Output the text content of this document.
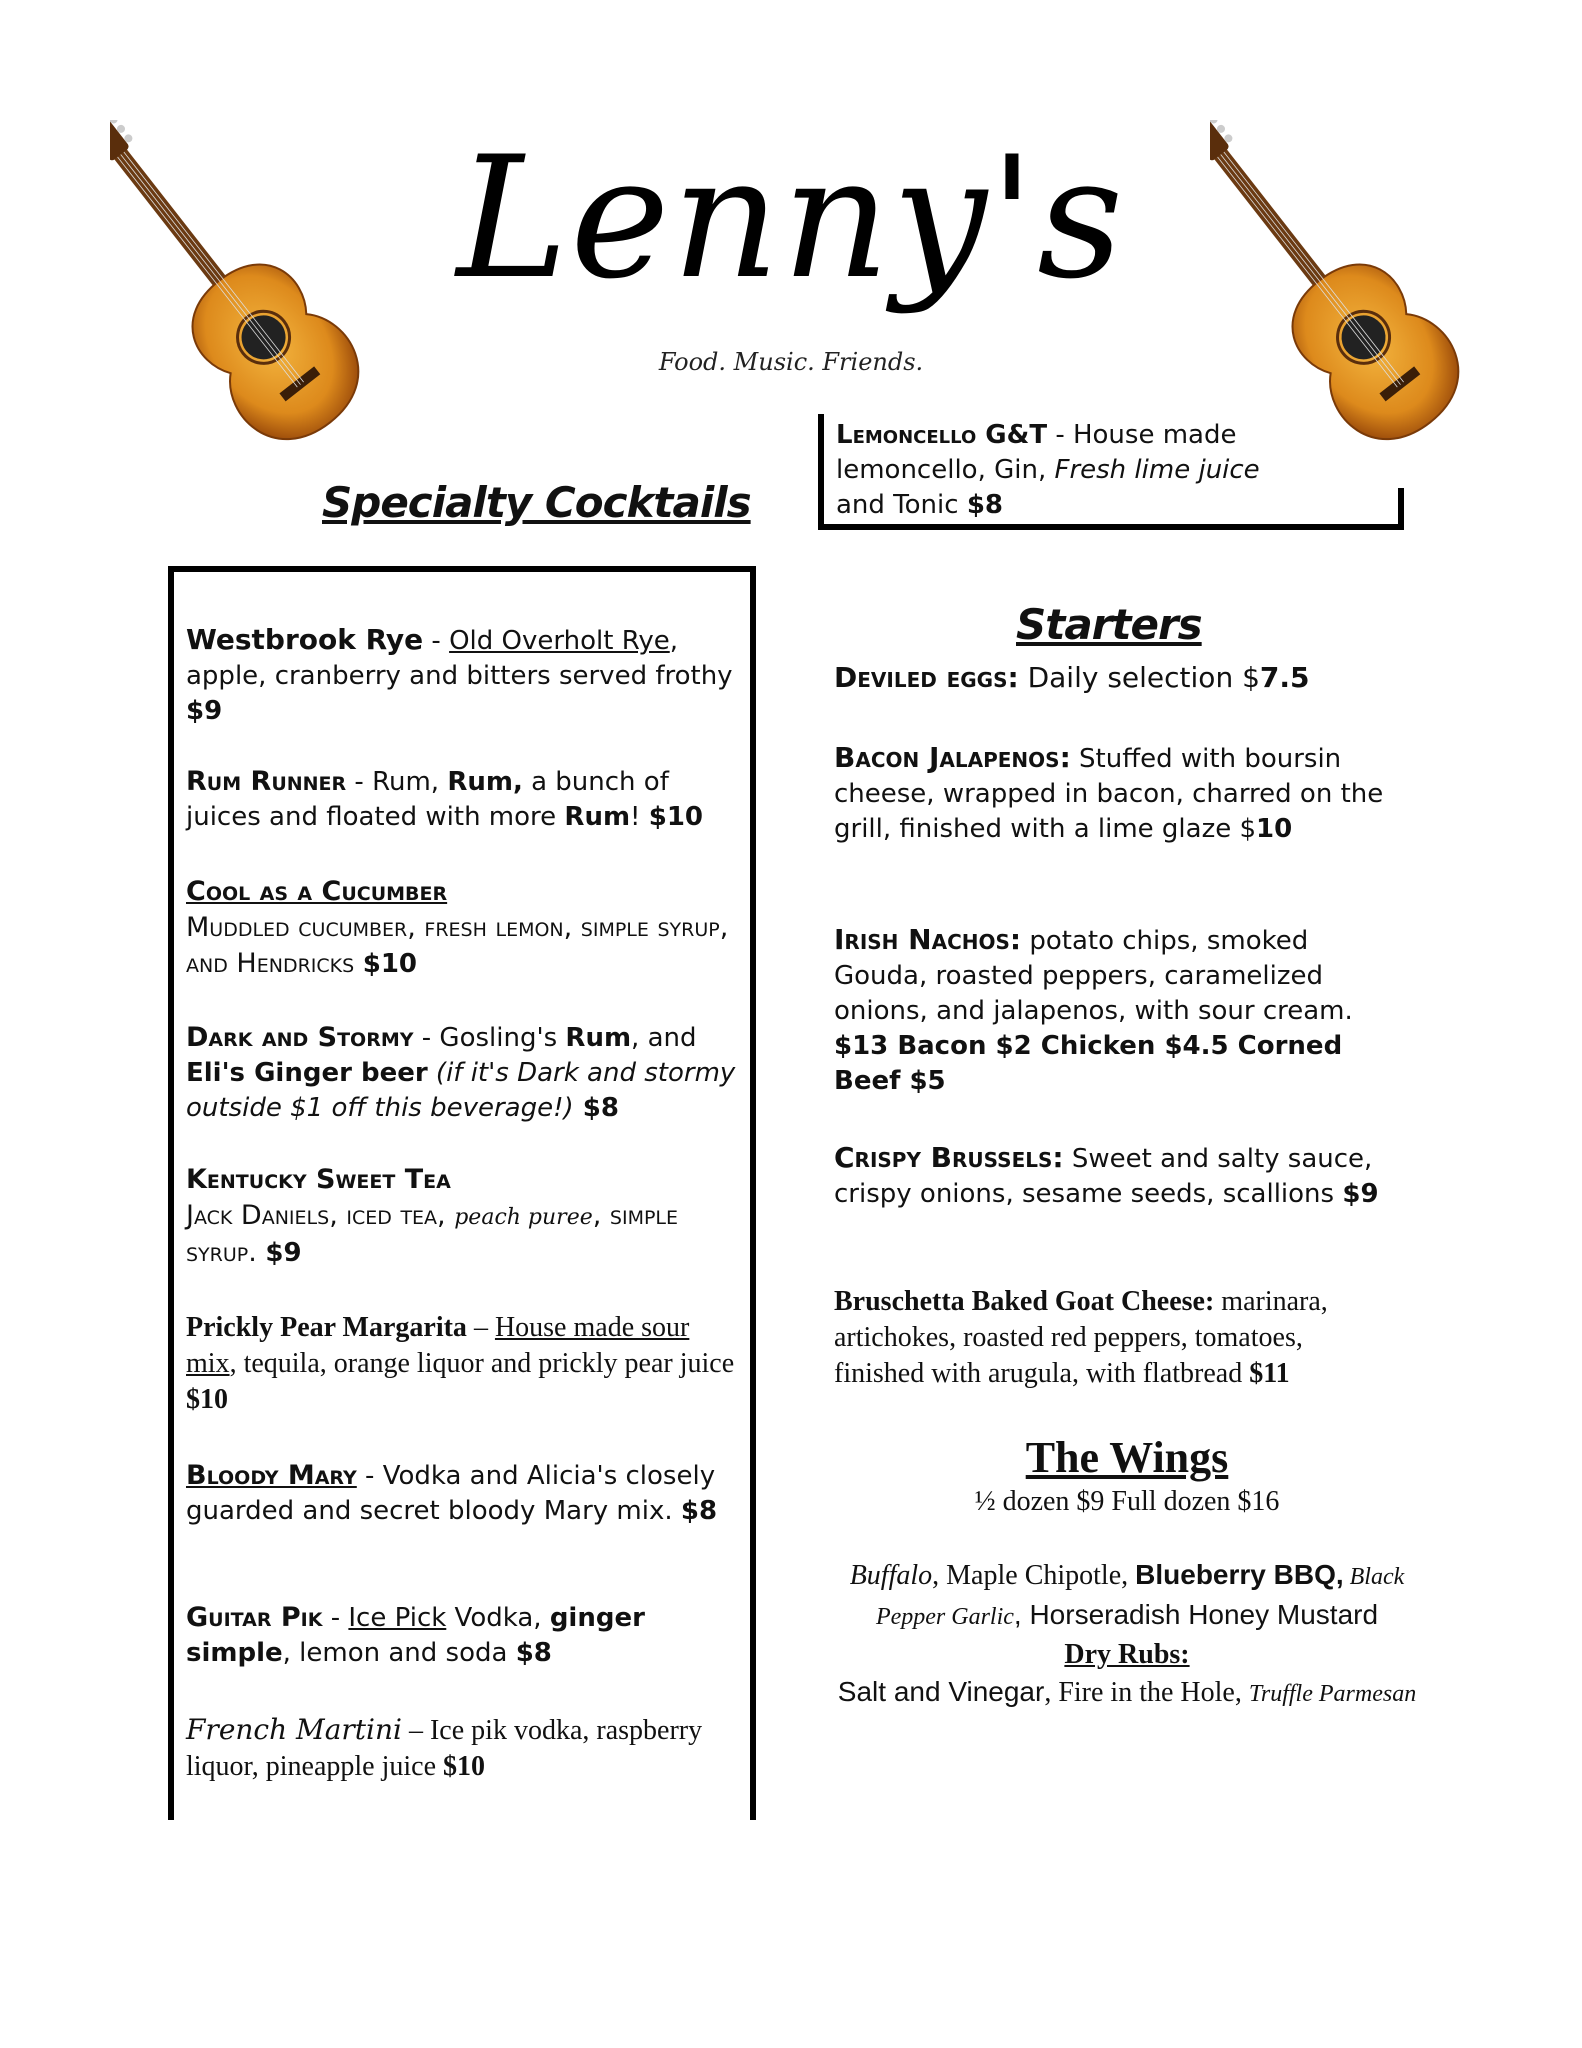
Lenny's
Food. Music. Friends.

Lemoncello G&T - House made lemoncello, Gin, Fresh lime juice and Tonic $8

Specialty Cocktails

Westbrook Rye - Old Overholt Rye, apple, cranberry and bitters served frothy $9

Rum Runner - Rum, Rum, a bunch of juices and floated with more Rum! $10

Cool as a Cucumber
Muddled cucumber, fresh lemon, simple syrup, and Hendricks $10

Dark and Stormy - Gosling's Rum, and Eli's Ginger beer (if it's Dark and stormy outside $1 off this beverage!) $8

Kentucky Sweet Tea
Jack Daniels, iced tea, peach puree, simple syrup. $9

Prickly Pear Margarita – House made sour mix, tequila, orange liquor and prickly pear juice $10

Bloody Mary - Vodka and Alicia's closely guarded and secret bloody Mary mix. $8

Guitar Pik - Ice Pick Vodka, ginger simple, lemon and soda $8

French Martini – Ice pik vodka, raspberry liquor, pineapple juice $10

Starters

Deviled eggs: Daily selection $7.5

Bacon Jalapenos: Stuffed with boursin cheese, wrapped in bacon, charred on the grill, finished with a lime glaze $10

Irish Nachos: potato chips, smoked Gouda, roasted peppers, caramelized onions, and jalapenos, with sour cream. $13 Bacon $2 Chicken $4.5 Corned Beef $5

Crispy Brussels: Sweet and salty sauce, crispy onions, sesame seeds, scallions $9

Bruschetta Baked Goat Cheese: marinara, artichokes, roasted red peppers, tomatoes, finished with arugula, with flatbread $11

The Wings
½ dozen $9 Full dozen $16

Buffalo, Maple Chipotle, Blueberry BBQ, Black Pepper Garlic, Horseradish Honey Mustard

Dry Rubs:

Salt and Vinegar, Fire in the Hole, Truffle Parmesan
